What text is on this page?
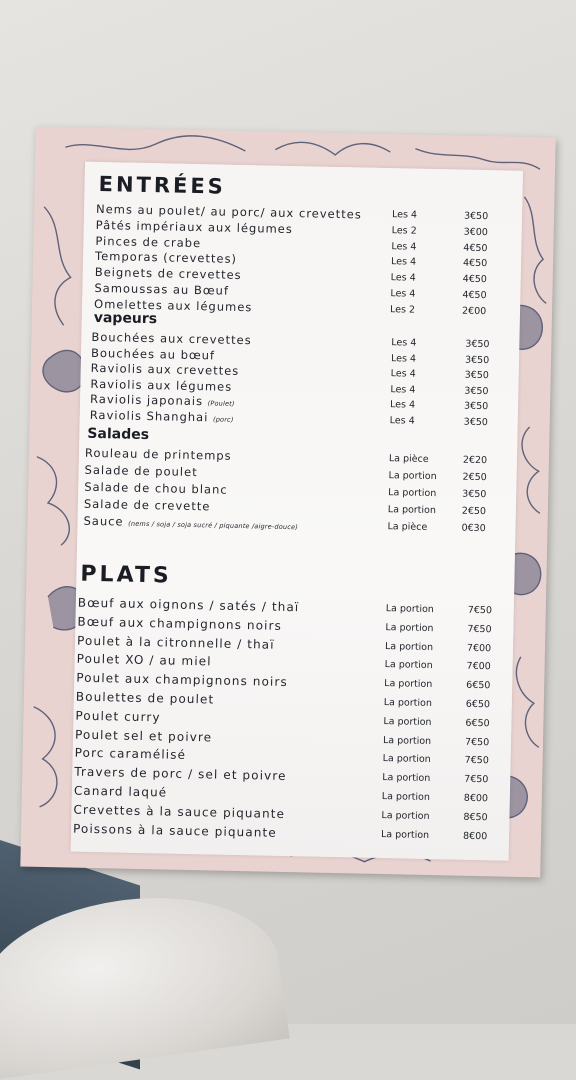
ENTRÉES
Nems au poulet/ au porc/ aux crevettes	Les 4	3€50
Pâtés impériaux aux légumes	Les 2	3€00
Pinces de crabe	Les 4	4€50
Temporas (crevettes)	Les 4	4€50
Beignets de crevettes	Les 4	4€50
Samoussas au Bœuf	Les 4	4€50
Omelettes aux légumes	Les 2	2€00
vapeurs
Bouchées aux crevettes	Les 4	3€50
Bouchées au bœuf	Les 4	3€50
Raviolis aux crevettes	Les 4	3€50
Raviolis aux légumes	Les 4	3€50
Raviolis japonais (Poulet)	Les 4	3€50
Raviolis Shanghai (porc)	Les 4	3€50
Salades
Rouleau de printemps	La pièce	2€20
Salade de poulet	La portion	2€50
Salade de chou blanc	La portion	3€50
Salade de crevette	La portion	2€50
Sauce (nems / soja / soja sucré / piquante /aigre-douce)	La pièce	0€30
PLATS
Bœuf aux oignons / satés / thaï	La portion	7€50
Bœuf aux champignons noirs	La portion	7€50
Poulet à la citronnelle / thaï	La portion	7€00
Poulet XO / au miel	La portion	7€00
Poulet aux champignons noirs	La portion	6€50
Boulettes de poulet	La portion	6€50
Poulet curry	La portion	6€50
Poulet sel et poivre	La portion	7€50
Porc caramélisé	La portion	7€50
Travers de porc / sel et poivre	La portion	7€50
Canard laqué	La portion	8€00
Crevettes à la sauce piquante	La portion	8€50
Poissons à la sauce piquante	La portion	8€00
